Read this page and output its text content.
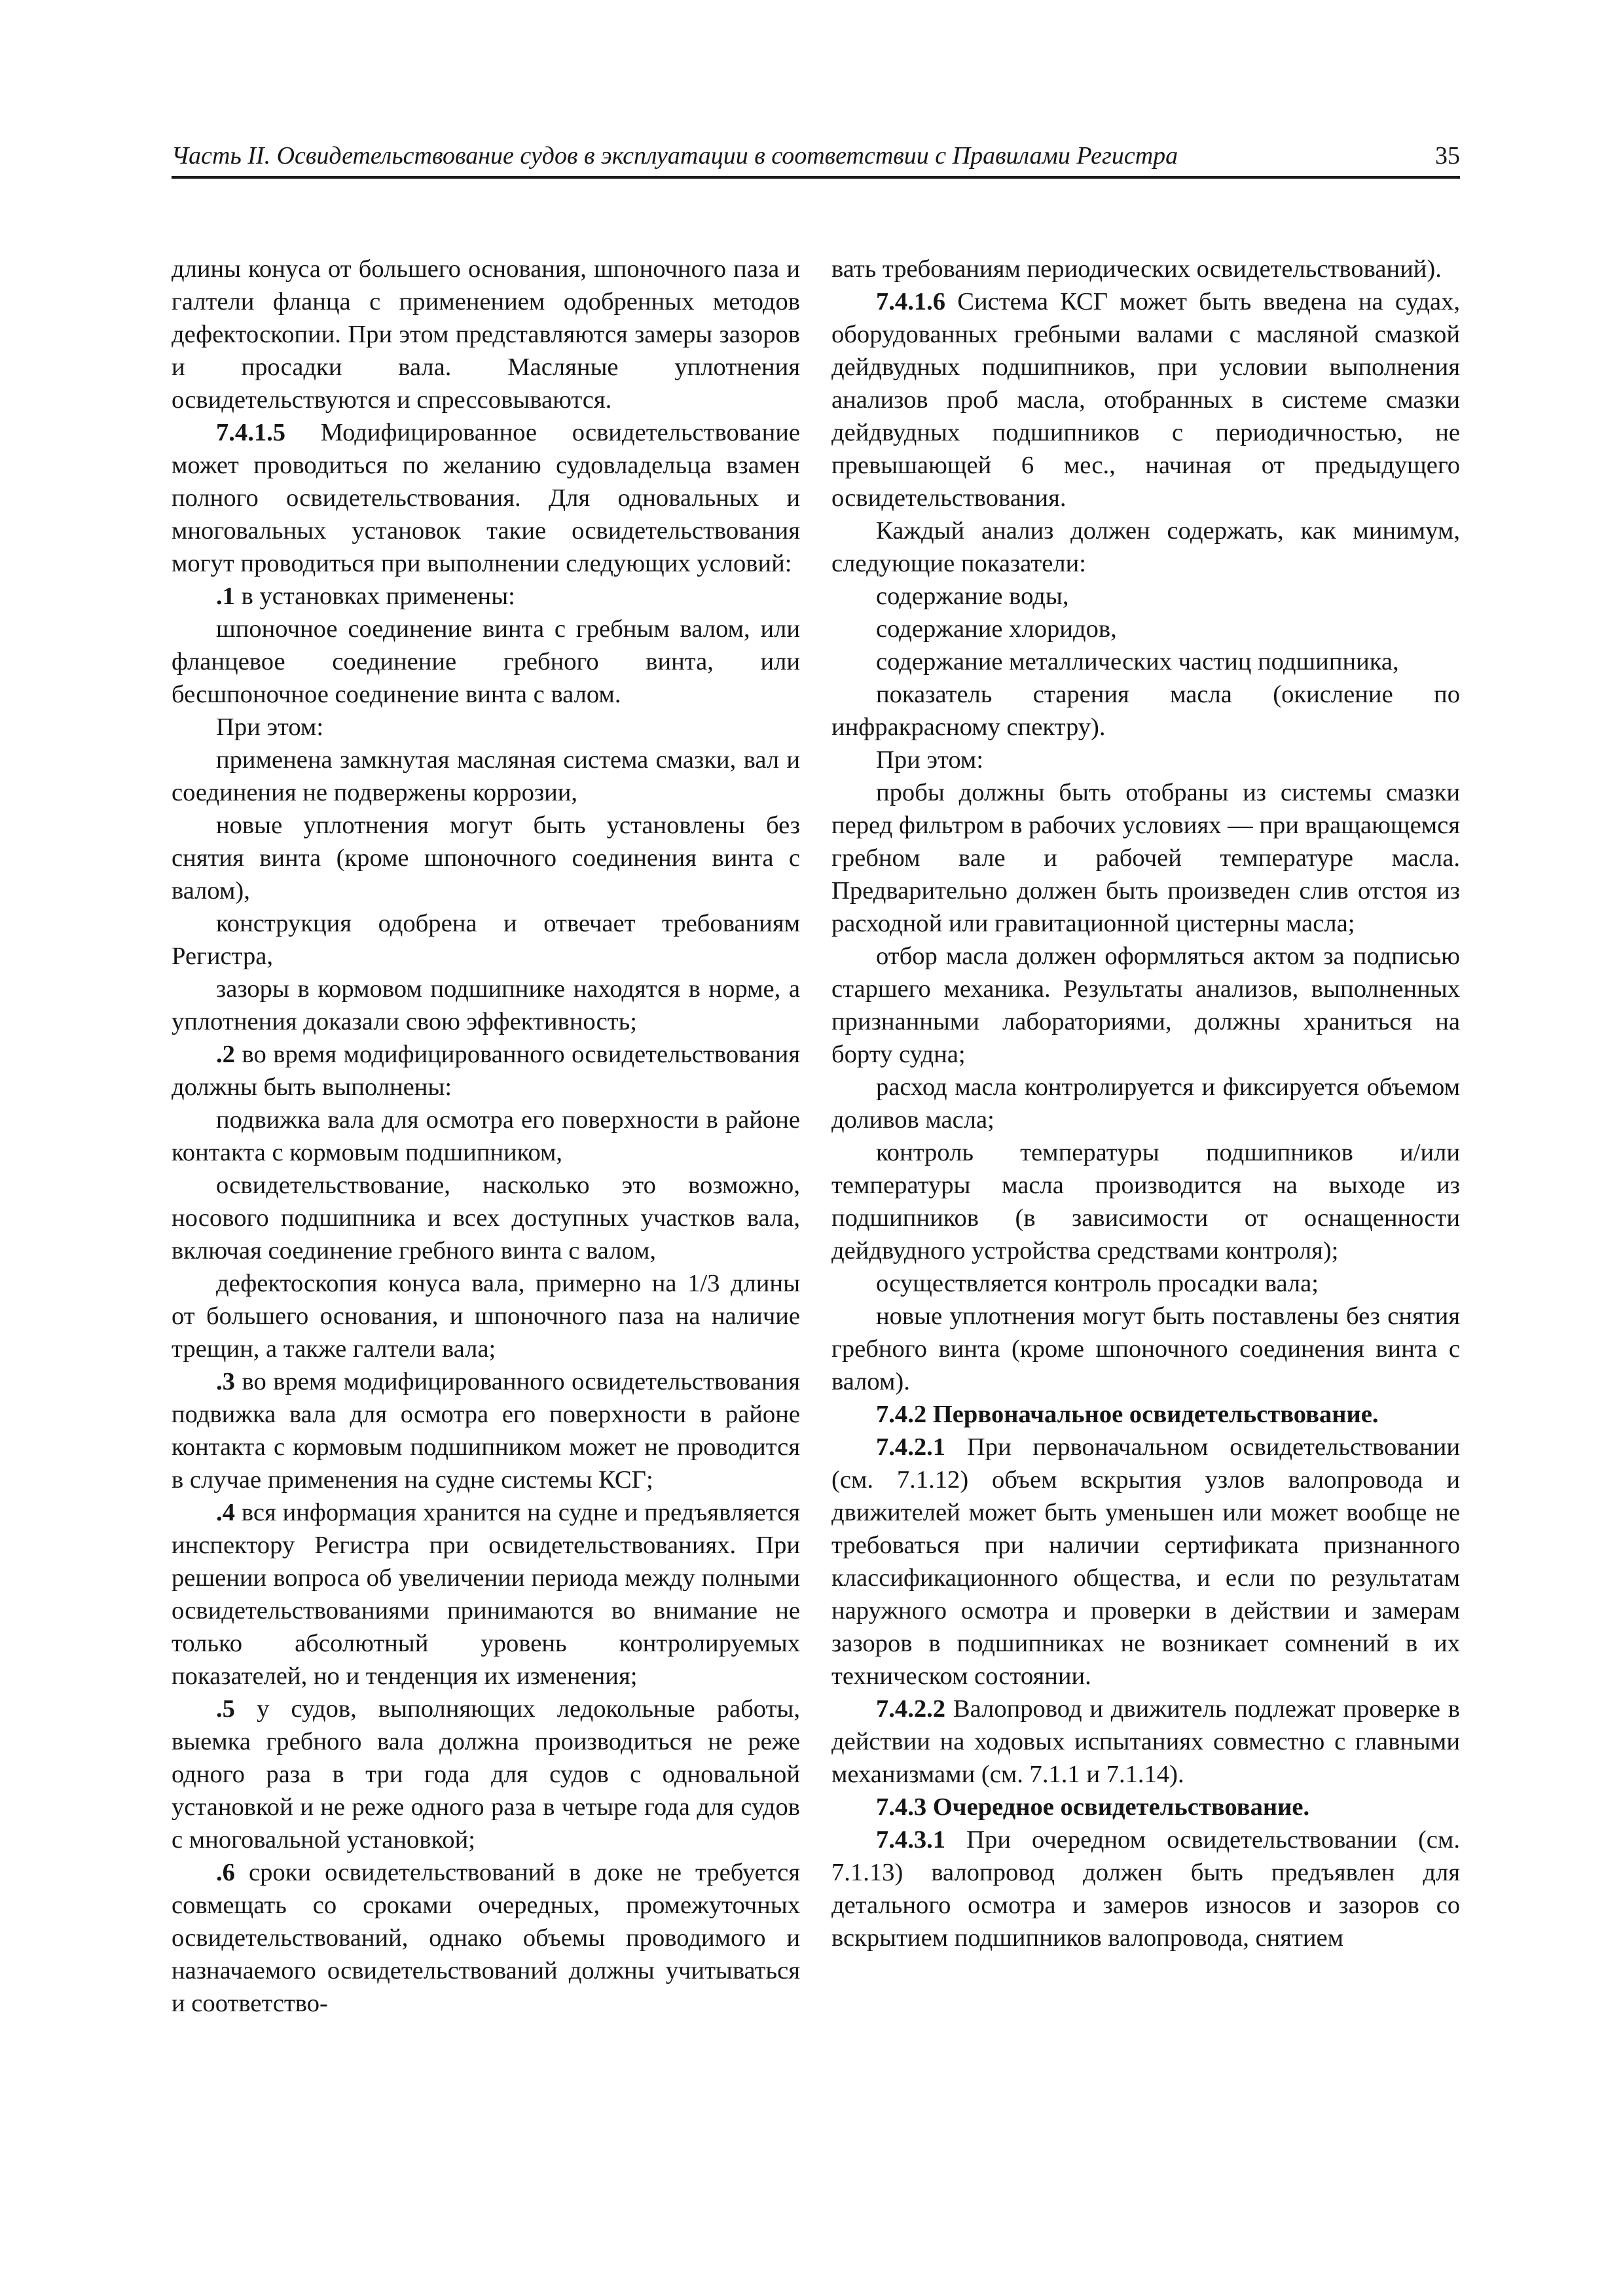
Часть II. Освидетельствование судов в эксплуатации в соответствии с Правилами Регистра	35

длины конуса от большего основания, шпоночного паза и галтели фланца с применением одобренных методов дефектоскопии. При этом представляются замеры зазоров и просадки вала. Масляные уплотнения освидетельствуются и спрессовываются.

7.4.1.5 Модифицированное освидетельствование может проводиться по желанию судовладельца взамен полного освидетельствования. Для одновальных и многовальных установок такие освидетельствования могут проводиться при выполнении следующих условий:

.1 в установках применены:

шпоночное соединение винта с гребным валом, или фланцевое соединение гребного винта, или бесшпоночное соединение винта с валом.

При этом:

применена замкнутая масляная система смазки, вал и соединения не подвержены коррозии,

новые уплотнения могут быть установлены без снятия винта (кроме шпоночного соединения винта с валом),

конструкция одобрена и отвечает требованиям Регистра,

зазоры в кормовом подшипнике находятся в норме, а уплотнения доказали свою эффективность;

.2 во время модифицированного освидетельствования должны быть выполнены:

подвижка вала для осмотра его поверхности в районе контакта с кормовым подшипником,

освидетельствование, насколько это возможно, носового подшипника и всех доступных участков вала, включая соединение гребного винта с валом,

дефектоскопия конуса вала, примерно на 1/3 длины от большего основания, и шпоночного паза на наличие трещин, а также галтели вала;

.3 во время модифицированного освидетельствования подвижка вала для осмотра его поверхности в районе контакта с кормовым подшипником может не проводится в случае применения на судне системы КСГ;

.4 вся информация хранится на судне и предъявляется инспектору Регистра при освидетельствованиях. При решении вопроса об увеличении периода между полными освидетельствованиями принимаются во внимание не только абсолютный уровень контролируемых показателей, но и тенденция их изменения;

.5 у судов, выполняющих ледокольные работы, выемка гребного вала должна производиться не реже одного раза в три года для судов с одновальной установкой и не реже одного раза в четыре года для судов с многовальной установкой;

.6 сроки освидетельствований в доке не требуется совмещать со сроками очередных, промежуточных освидетельствований, однако объемы проводимого и назначаемого освидетельствований должны учитываться и соответство-

вать требованиям периодических освидетельствований).

7.4.1.6 Система КСГ может быть введена на судах, оборудованных гребными валами с масляной смазкой дейдвудных подшипников, при условии выполнения анализов проб масла, отобранных в системе смазки дейдвудных подшипников с периодичностью, не превышающей 6 мес., начиная от предыдущего освидетельствования.

Каждый анализ должен содержать, как минимум, следующие показатели:

содержание воды,

содержание хлоридов,

содержание металлических частиц подшипника,

показатель старения масла (окисление по инфракрасному спектру).

При этом:

пробы должны быть отобраны из системы смазки перед фильтром в рабочих условиях — при вращающемся гребном вале и рабочей температуре масла. Предварительно должен быть произведен слив отстоя из расходной или гравитационной цистерны масла;

отбор масла должен оформляться актом за подписью старшего механика. Результаты анализов, выполненных признанными лабораториями, должны храниться на борту судна;

расход масла контролируется и фиксируется объемом доливов масла;

контроль температуры подшипников и/или температуры масла производится на выходе из подшипников (в зависимости от оснащенности дейдвудного устройства средствами контроля);

осуществляется контроль просадки вала;

новые уплотнения могут быть поставлены без снятия гребного винта (кроме шпоночного соединения винта с валом).

7.4.2 Первоначальное освидетельствование.

7.4.2.1 При первоначальном освидетельствовании (см. 7.1.12) объем вскрытия узлов валопровода и движителей может быть уменьшен или может вообще не требоваться при наличии сертификата признанного классификационного общества, и если по результатам наружного осмотра и проверки в действии и замерам зазоров в подшипниках не возникает сомнений в их техническом состоянии.

7.4.2.2 Валопровод и движитель подлежат проверке в действии на ходовых испытаниях совместно с главными механизмами (см. 7.1.1 и 7.1.14).

7.4.3 Очередное освидетельствование.

7.4.3.1 При очередном освидетельствовании (см. 7.1.13) валопровод должен быть предъявлен для детального осмотра и замеров износов и зазоров со вскрытием подшипников валопровода, снятием
